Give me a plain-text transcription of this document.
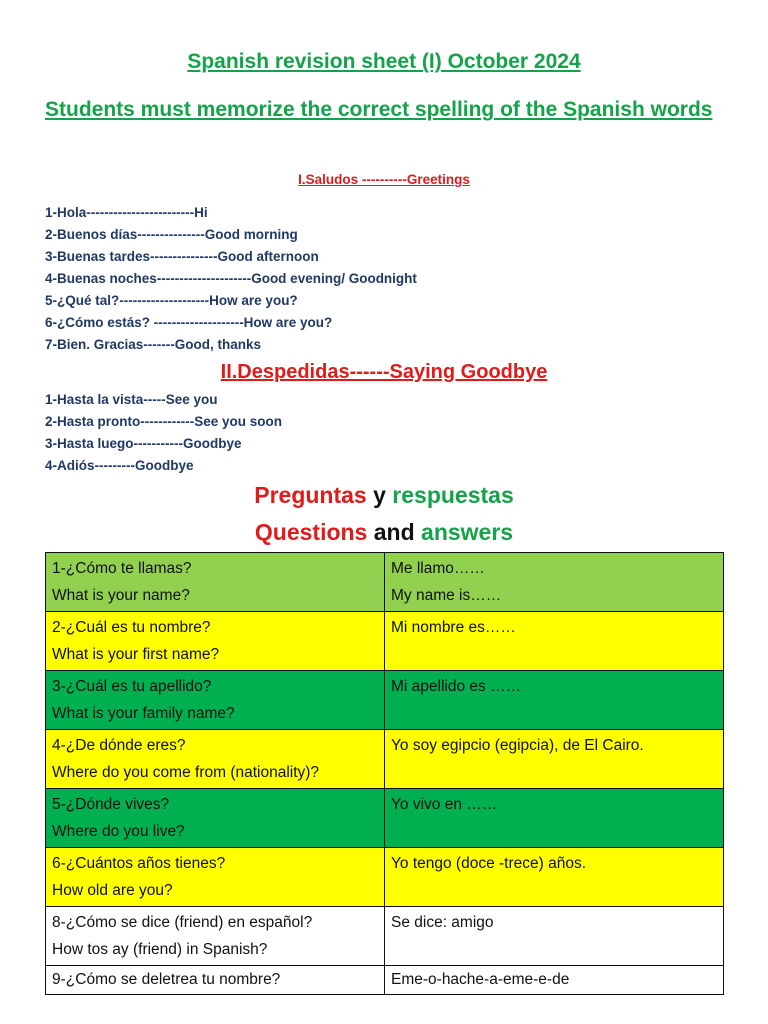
Spanish revision sheet (I) October 2024
Students must memorize the correct spelling of the Spanish words
I.Saludos ----------Greetings
1-Hola------------------------Hi
2-Buenos días---------------Good morning
3-Buenas tardes---------------Good afternoon
4-Buenas noches---------------------Good evening/ Goodnight
5-¿Qué tal?--------------------How are you?
6-¿Cómo estás? --------------------How are you?
7-Bien. Gracias-------Good, thanks
II.Despedidas------Saying Goodbye
1-Hasta la vista-----See you
2-Hasta pronto------------See you soon
3-Hasta luego-----------Goodbye
4-Adiós---------Goodbye
Preguntas y respuestas
Questions and answers
1-¿Cómo te llamas?
What is your name?	Me llamo……
My name is……

2-¿Cuál es tu nombre?
What is your first name?	Mi nombre es……

3-¿Cuál es tu apellido?
What is your family name?	Mi apellido es ……

4-¿De dónde eres?
Where do you come from (nationality)?	Yo soy egipcio (egipcia), de El Cairo.

5-¿Dónde vives?
Where do you live?	Yo vivo en ……

6-¿Cuántos años tienes?
How old are you?	Yo tengo (doce -trece) años.

8-¿Cómo se dice (friend) en español?
How tos ay (friend) in Spanish?	Se dice: amigo

9-¿Cómo se deletrea tu nombre?	Eme-o-hache-a-eme-e-de
